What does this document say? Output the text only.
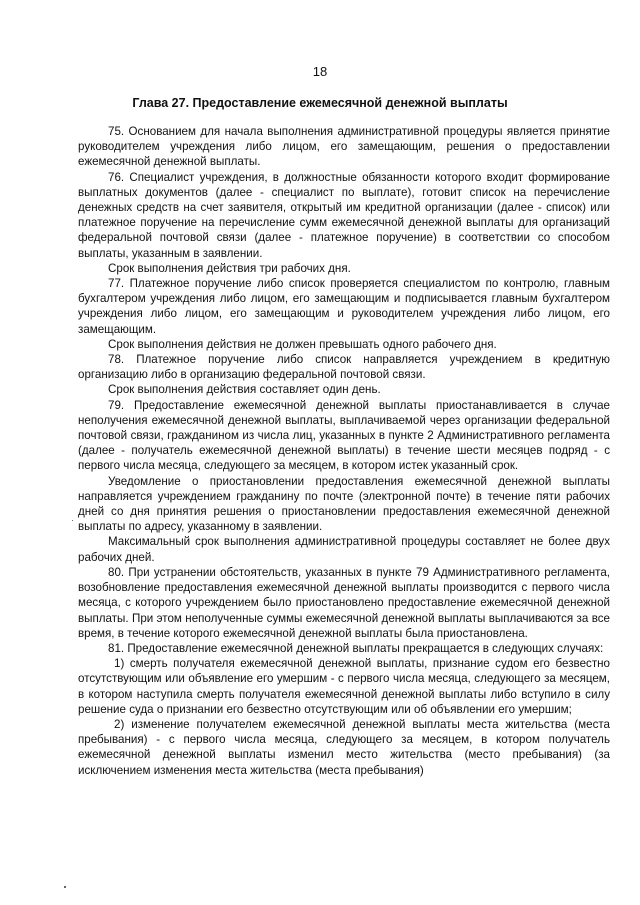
18
Глава 27. Предоставление ежемесячной денежной выплаты

75. Основанием для начала выполнения административной процедуры является принятие руководителем учреждения либо лицом, его замещающим, решения о предоставлении ежемесячной денежной выплаты.

76. Специалист учреждения, в должностные обязанности которого входит формирование выплатных документов (далее - специалист по выплате), готовит список на перечисление денежных средств на счет заявителя, открытый им кредитной организации (далее - список) или платежное поручение на перечисление сумм ежемесячной денежной выплаты для организаций федеральной почтовой связи (далее - платежное поручение) в соответствии со способом выплаты, указанным в заявлении.

Срок выполнения действия три рабочих дня.

77. Платежное поручение либо список проверяется специалистом по контролю, главным бухгалтером учреждения либо лицом, его замещающим и подписывается главным бухгалтером учреждения либо лицом, его замещающим и руководителем учреждения либо лицом, его замещающим.

Срок выполнения действия не должен превышать одного рабочего дня.

78. Платежное поручение либо список направляется учреждением в кредитную организацию либо в организацию федеральной почтовой связи.

Срок выполнения действия составляет один день.

79. Предоставление ежемесячной денежной выплаты приостанавливается в случае неполучения ежемесячной денежной выплаты, выплачиваемой через организации федеральной почтовой связи, гражданином из числа лиц, указанных в пункте 2 Административного регламента (далее - получатель ежемесячной денежной выплаты) в течение шести месяцев подряд - с первого числа месяца, следующего за месяцем, в котором истек указанный срок.

Уведомление о приостановлении предоставления ежемесячной денежной выплаты направляется учреждением гражданину по почте (электронной почте) в течение пяти рабочих дней со дня принятия решения о приостановлении предоставления ежемесячной денежной выплаты по адресу, указанному в заявлении.

Максимальный срок выполнения административной процедуры составляет не более двух рабочих дней.

80. При устранении обстоятельств, указанных в пункте 79 Административного регламента, возобновление предоставления ежемесячной денежной выплаты производится с первого числа месяца, с которого учреждением было приостановлено предоставление ежемесячной денежной выплаты. При этом неполученные суммы ежемесячной денежной выплаты выплачиваются за все время, в течение которого ежемесячной денежной выплаты была приостановлена.

81. Предоставление ежемесячной денежной выплаты прекращается в следующих случаях:

1) смерть получателя ежемесячной денежной выплаты, признание судом его безвестно отсутствующим или объявление его умершим - с первого числа месяца, следующего за месяцем, в котором наступила смерть получателя ежемесячной денежной выплаты либо вступило в силу решение суда о признании его безвестно отсутствующим или об объявлении его умершим;

2) изменение получателем ежемесячной денежной выплаты места жительства (места пребывания) - с первого числа месяца, следующего за месяцем, в котором получатель ежемесячной денежной выплаты изменил место жительства (место пребывания) (за исключением изменения места жительства (места пребывания)
